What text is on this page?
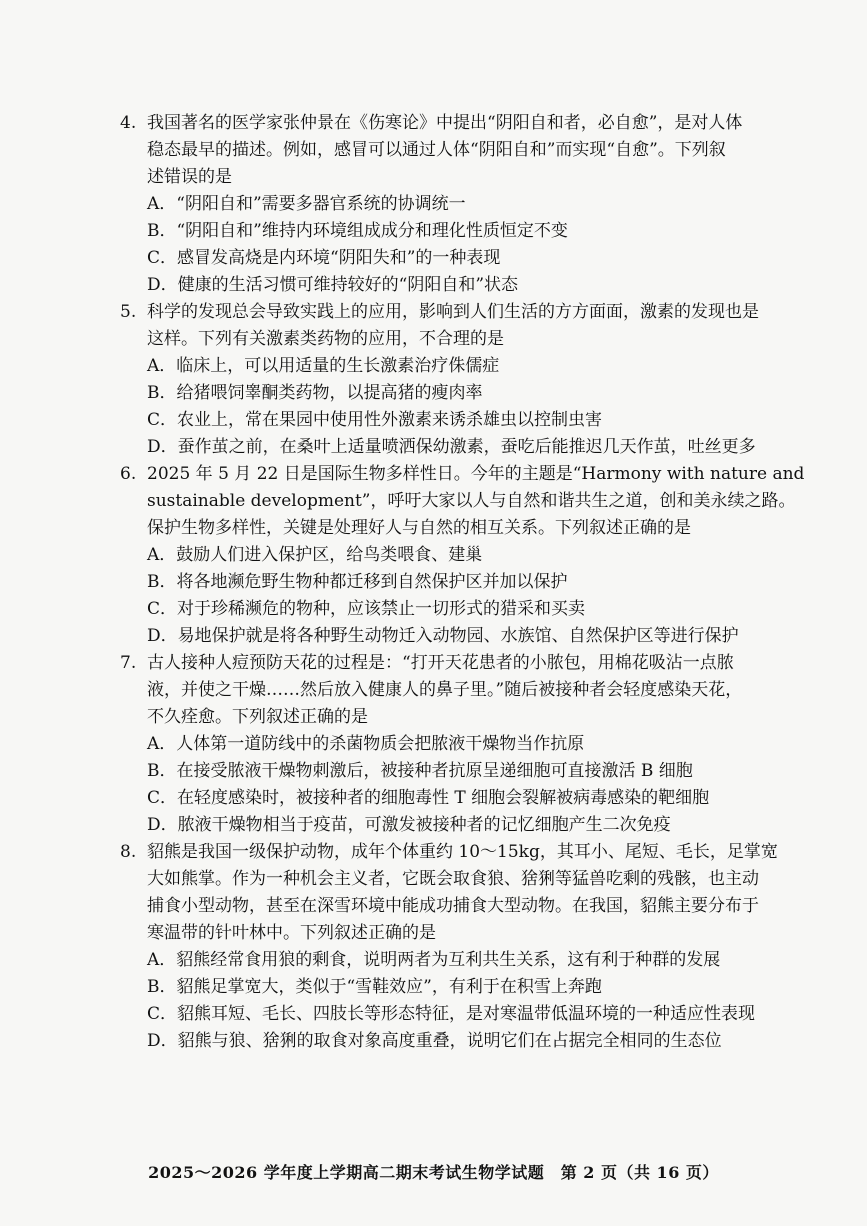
4. 我国著名的医学家张仲景在《伤寒论》中提出“阴阳自和者，必自愈”，是对人体
稳态最早的描述。例如，感冒可以通过人体“阴阳自和”而实现“自愈”。下列叙
述错误的是
A．“阴阳自和”需要多器官系统的协调统一
B．“阴阳自和”维持内环境组成成分和理化性质恒定不变
C．感冒发高烧是内环境“阴阳失和”的一种表现
D．健康的生活习惯可维持较好的“阴阳自和”状态
5. 科学的发现总会导致实践上的应用，影响到人们生活的方方面面，激素的发现也是
这样。下列有关激素类药物的应用，不合理的是
A．临床上，可以用适量的生长激素治疗侏儒症
B．给猪喂饲睾酮类药物，以提高猪的瘦肉率
C．农业上，常在果园中使用性外激素来诱杀雄虫以控制虫害
D．蚕作茧之前，在桑叶上适量喷洒保幼激素，蚕吃后能推迟几天作茧，吐丝更多
6. 2025 年 5 月 22 日是国际生物多样性日。今年的主题是“Harmony with nature and
sustainable development”，呼吁大家以人与自然和谐共生之道，创和美永续之路。
保护生物多样性，关键是处理好人与自然的相互关系。下列叙述正确的是
A．鼓励人们进入保护区，给鸟类喂食、建巢
B．将各地濒危野生物种都迁移到自然保护区并加以保护
C．对于珍稀濒危的物种，应该禁止一切形式的猎采和买卖
D．易地保护就是将各种野生动物迁入动物园、水族馆、自然保护区等进行保护
7. 古人接种人痘预防天花的过程是：“打开天花患者的小脓包，用棉花吸沾一点脓
液，并使之干燥……然后放入健康人的鼻子里。”随后被接种者会轻度感染天花，
不久痊愈。下列叙述正确的是
A．人体第一道防线中的杀菌物质会把脓液干燥物当作抗原
B．在接受脓液干燥物刺激后，被接种者抗原呈递细胞可直接激活 B 细胞
C．在轻度感染时，被接种者的细胞毒性 T 细胞会裂解被病毒感染的靶细胞
D．脓液干燥物相当于疫苗，可激发被接种者的记忆细胞产生二次免疫
8. 貂熊是我国一级保护动物，成年个体重约 10～15kg，其耳小、尾短、毛长，足掌宽
大如熊掌。作为一种机会主义者，它既会取食狼、猞猁等猛兽吃剩的残骸，也主动
捕食小型动物，甚至在深雪环境中能成功捕食大型动物。在我国，貂熊主要分布于
寒温带的针叶林中。下列叙述正确的是
A．貂熊经常食用狼的剩食，说明两者为互利共生关系，这有利于种群的发展
B．貂熊足掌宽大，类似于“雪鞋效应”，有利于在积雪上奔跑
C．貂熊耳短、毛长、四肢长等形态特征，是对寒温带低温环境的一种适应性表现
D．貂熊与狼、猞猁的取食对象高度重叠，说明它们在占据完全相同的生态位
2025～2026 学年度上学期高二期末考试生物学试题　第 2 页（共 16 页）
